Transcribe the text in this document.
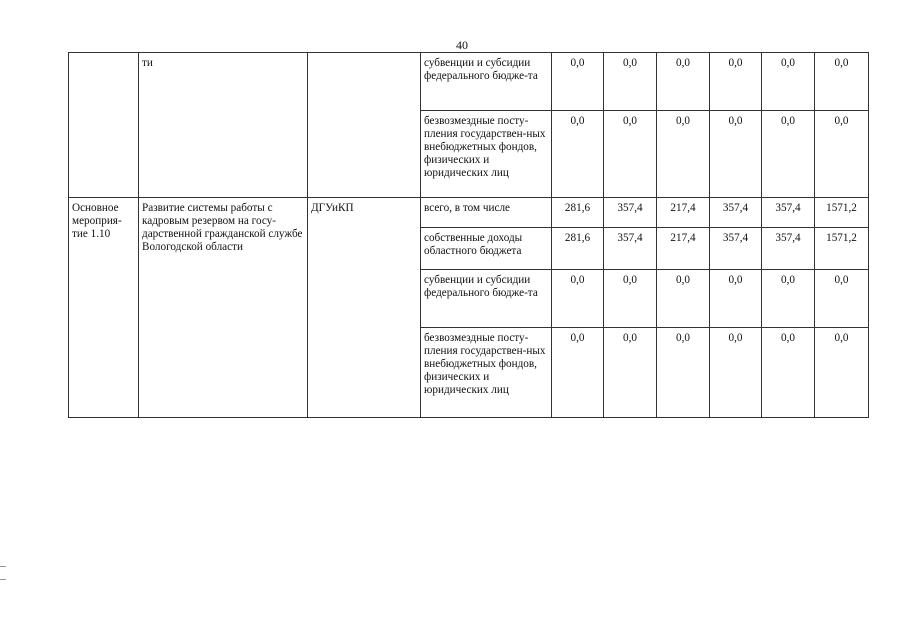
40
	ти		субвенции и субсидии федерального бюдже-та	0,0	0,0	0,0	0,0	0,0	0,0
			безвозмездные посту-пления государствен-ных внебюджетных фондов, физических и юридических лиц	0,0	0,0	0,0	0,0	0,0	0,0
Основное мероприя-тие 1.10	Развитие системы работы с кадровым резервом на госу-дарственной гражданской службе Вологодской области	ДГУиКП	всего, в том числе	281,6	357,4	217,4	357,4	357,4	1571,2
			собственные доходы областного бюджета	281,6	357,4	217,4	357,4	357,4	1571,2
			субвенции и субсидии федерального бюдже-та	0,0	0,0	0,0	0,0	0,0	0,0
			безвозмездные посту-пления государствен-ных внебюджетных фондов, физических и юридических лиц	0,0	0,0	0,0	0,0	0,0	0,0
